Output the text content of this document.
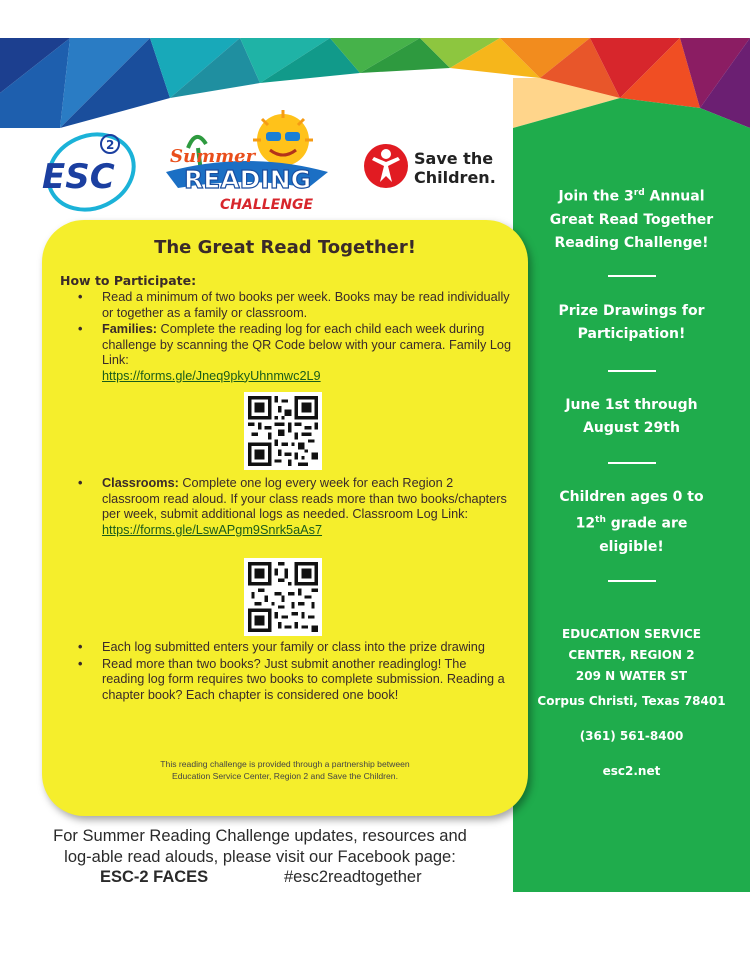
Join the 3rd Annual
Great Read Together
Reading Challenge!
Prize Drawings for
Participation!
June 1st through
August 29th
Children ages 0 to
12th grade are
eligible!
EDUCATION SERVICE
CENTER, REGION 2
209 N WATER ST
Corpus Christi, Texas 78401
(361) 561-8400
esc2.net
ESC
2
Summer
READING
CHALLENGE
Save the
Children.
The Great Read Together!
How to Participate:
• Read a minimum of two books per week. Books may be read individually or together as a family or classroom.
• Families: Complete the reading log for each child each week during challenge by scanning the QR Code below with your camera. Family Log Link:
https://forms.gle/Jneq9pkyUhnmwc2L9
• Classrooms: Complete one log every week for each Region 2 classroom read aloud. If your class reads more than two books/chapters per week, submit additional logs as needed. Classroom Log Link:
https://forms.gle/LswAPgm9Snrk5aAs7
• Each log submitted enters your family or class into the prize drawing
• Read more than two books? Just submit another readinglog! The reading log form requires two books to complete submission. Reading a chapter book? Each chapter is considered one book!
This reading challenge is provided through a partnership between
Education Service Center, Region 2 and Save the Children.
For Summer Reading Challenge updates, resources and
log-able read alouds, please visit our Facebook page:
ESC-2 FACES	#esc2readtogether
